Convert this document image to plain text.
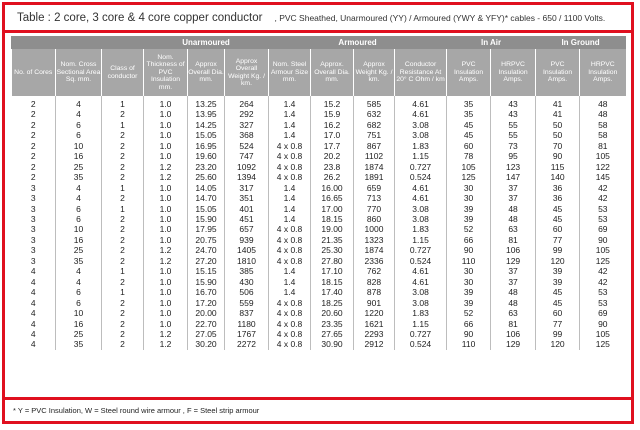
Table : 2 core, 3 core & 4 core copper conductor , PVC Sheathed, Unarmoured (YY) / Armoured (YWY & YFY)* cables - 650 / 1100 Volts.
			Unarmoured			Armoured				In Air		In Ground	
No. of Cores	Nom. Cross Sectional Area Sq. mm.	Class of conductor	Nom. Thickness of PVC Insulation mm.	Approx Overall Dia. mm.	Approx Overall Weight Kg. / km.	Nom. Steel Armour Size mm.	Approx. Overall Dia. mm.	Approx Weight Kg. / km.	Conductor Resistance At 20° C Ohm / km	PVC Insulation Amps.	HRPVC Insulation Amps.	PVC Insulation Amps.	HRPVC Insulation Amps.
2	4	1	1.0	13.25	264	1.4	15.2	585	4.61	35	43	41	48
2	4	2	1.0	13.95	292	1.4	15.9	632	4.61	35	43	41	48
2	6	1	1.0	14.25	327	1.4	16.2	682	3.08	45	55	50	58
2	6	2	1.0	15.05	368	1.4	17.0	751	3.08	45	55	50	58
2	10	2	1.0	16.95	524	4 x 0.8	17.7	867	1.83	60	73	70	81
2	16	2	1.0	19.60	747	4 x 0.8	20.2	1102	1.15	78	95	90	105
2	25	2	1.2	23.20	1092	4 x 0.8	23.8	1874	0.727	105	123	115	122
2	35	2	1.2	25.60	1394	4 x 0.8	26.2	1891	0.524	125	147	140	145
3	4	1	1.0	14.05	317	1.4	16.00	659	4.61	30	37	36	42
3	4	2	1.0	14.70	351	1.4	16.65	713	4.61	30	37	36	42
3	6	1	1.0	15.05	401	1.4	17.00	770	3.08	39	48	45	53
3	6	2	1.0	15.90	451	1.4	18.15	860	3.08	39	48	45	53
3	10	2	1.0	17.95	657	4 x 0.8	19.00	1000	1.83	52	63	60	69
3	16	2	1.0	20.75	939	4 x 0.8	21.35	1323	1.15	66	81	77	90
3	25	2	1.2	24.70	1405	4 x 0.8	25.30	1874	0.727	90	106	99	105
3	35	2	1.2	27.20	1810	4 x 0.8	27.80	2336	0.524	110	129	120	125
4	4	1	1.0	15.15	385	1.4	17.10	762	4.61	30	37	39	42
4	4	2	1.0	15.90	430	1.4	18.15	828	4.61	30	37	39	42
4	6	1	1.0	16.70	506	1.4	17.40	878	3.08	39	48	45	53
4	6	2	1.0	17.20	559	4 x 0.8	18.25	901	3.08	39	48	45	53
4	10	2	1.0	20.00	837	4 x 0.8	20.60	1220	1.83	52	63	60	69
4	16	2	1.0	22.70	1180	4 x 0.8	23.35	1621	1.15	66	81	77	90
4	25	2	1.2	27.05	1767	4 x 0.8	27.65	2293	0.727	90	106	99	105
4	35	2	1.2	30.20	2272	4 x 0.8	30.90	2912	0.524	110	129	120	125
* Y = PVC Insulation, W = Steel round wire armour , F = Steel strip armour
